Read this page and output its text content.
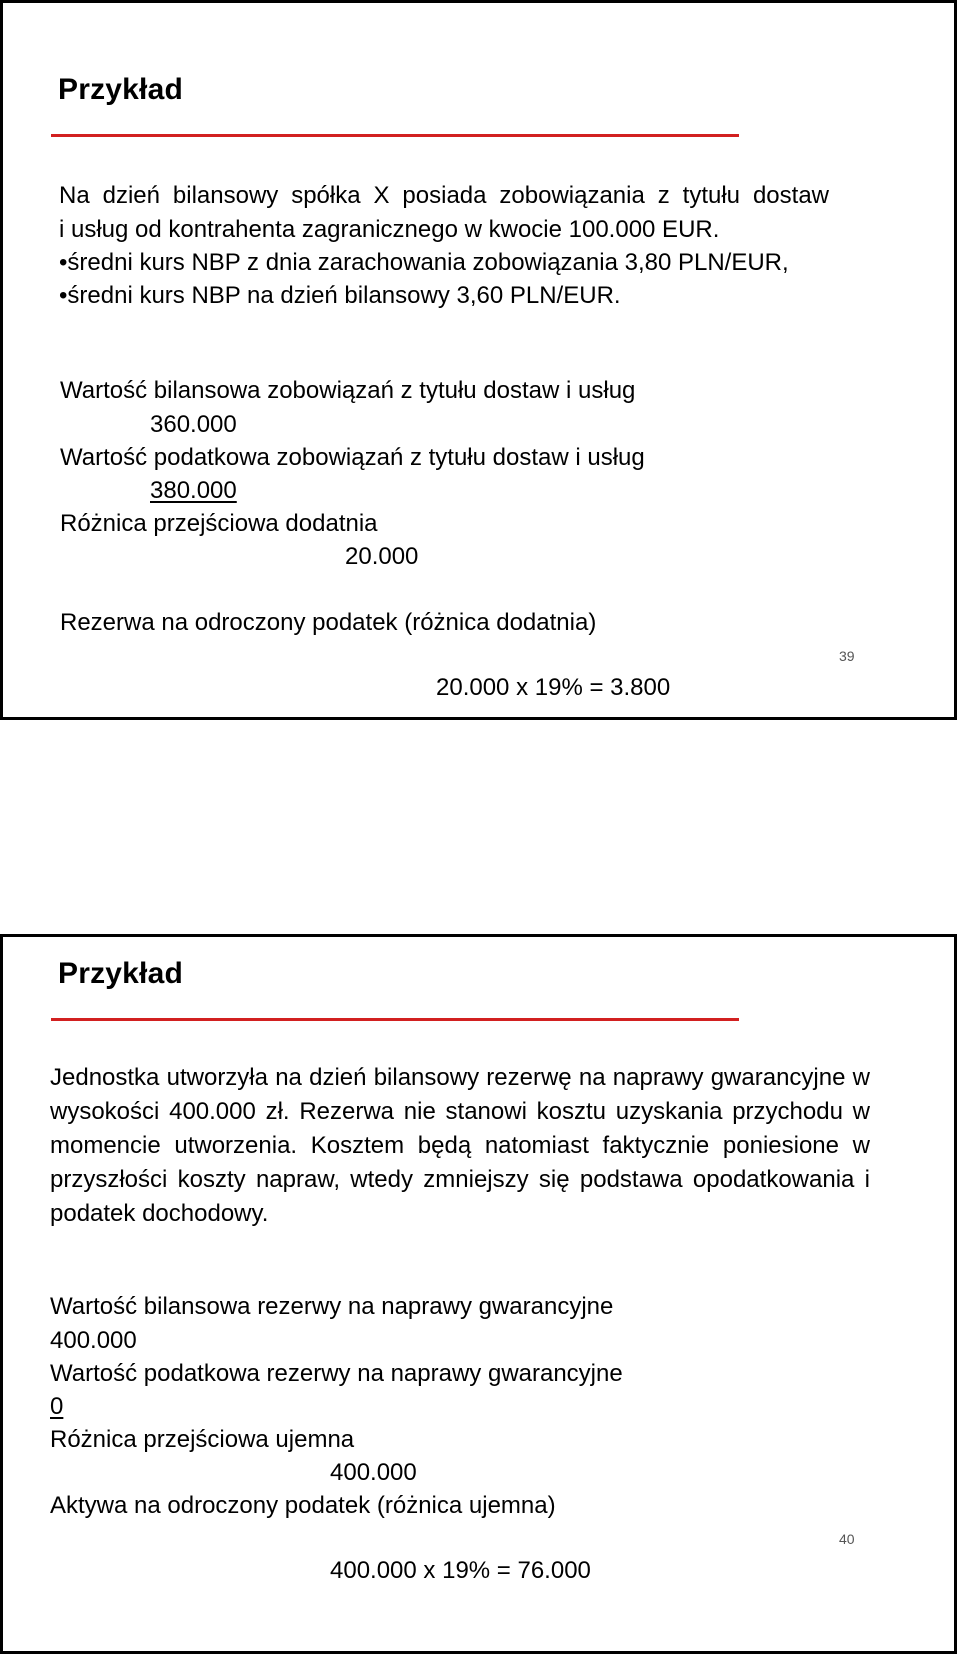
Przykład
Na dzień bilansowy spółka X posiada zobowiązania z tytułu dostaw
i usług od kontrahenta zagranicznego w kwocie 100.000 EUR.
•średni kurs NBP z dnia zarachowania zobowiązania 3,80 PLN/EUR,
•średni kurs NBP na dzień bilansowy 3,60 PLN/EUR.
Wartość bilansowa zobowiązań z tytułu dostaw i usług
360.000
Wartość podatkowa zobowiązań z tytułu dostaw i usług
380.000
Różnica przejściowa dodatnia
20.000
Rezerwa na odroczony podatek (różnica dodatnia)
20.000 x 19% = 3.800
39
Przykład
Jednostka utworzyła na dzień bilansowy rezerwę na naprawy gwarancyjne w wysokości 400.000 zł. Rezerwa nie stanowi kosztu uzyskania przychodu w momencie utworzenia. Kosztem będą natomiast faktycznie poniesione w przyszłości koszty napraw, wtedy zmniejszy się podstawa opodatkowania i podatek dochodowy.
Wartość bilansowa rezerwy na naprawy gwarancyjne
400.000
Wartość podatkowa rezerwy na naprawy gwarancyjne
0
Różnica przejściowa ujemna
400.000
Aktywa na odroczony podatek (różnica ujemna)
400.000 x 19% = 76.000
40
